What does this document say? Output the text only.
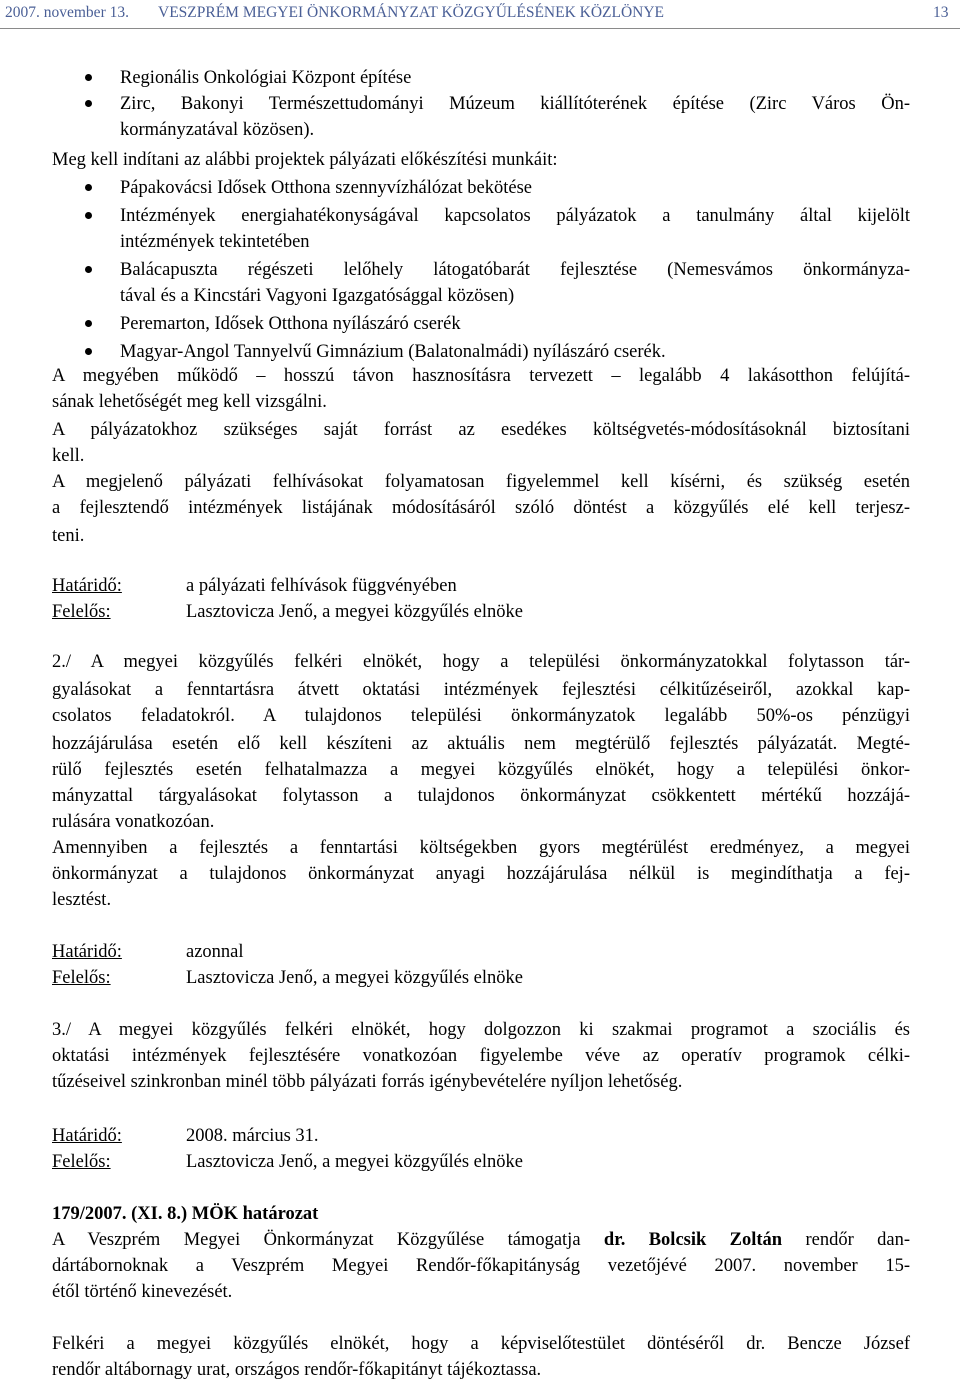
2007. november 13. VESZPRÉM MEGYEI ÖNKORMÁNYZAT KÖZGYŰLÉSÉNEK KÖZLÖNYE	13
Regionális Onkológiai Központ építése
Zirc, Bakonyi Természettudományi Múzeum kiállítóterének építése (Zirc Város Ön-
kormányzatával közösen).
Meg kell indítani az alábbi projektek pályázati előkészítési munkáit:
Pápakovácsi Idősek Otthona szennyvízhálózat bekötése
Intézmények energiahatékonyságával kapcsolatos pályázatok a tanulmány által kijelölt
intézmények tekintetében
Balácapuszta régészeti lelőhely látogatóbarát fejlesztése (Nemesvámos önkormányza-
tával és a Kincstári Vagyoni Igazgatósággal közösen)
Peremarton, Idősek Otthona nyílászáró cserék
Magyar-Angol Tannyelvű Gimnázium (Balatonalmádi) nyílászáró cserék.
A megyében működő – hosszú távon hasznosításra tervezett – legalább 4 lakásotthon felújítá-
sának lehetőségét meg kell vizsgálni.
A pályázatokhoz szükséges saját forrást az esedékes költségvetés-módosításoknál biztosítani
kell.
A megjelenő pályázati felhívásokat folyamatosan figyelemmel kell kísérni, és szükség esetén
a fejlesztendő intézmények listájának módosításáról szóló döntést a közgyűlés elé kell terjesz-
teni.
Határidő:	a pályázati felhívások függvényében
Felelős:	Lasztovicza Jenő, a megyei közgyűlés elnöke
2./ A megyei közgyűlés felkéri elnökét, hogy a települési önkormányzatokkal folytasson tár-
gyalásokat a fenntartásra átvett oktatási intézmények fejlesztési célkitűzéseiről, azokkal kap-
csolatos feladatokról. A tulajdonos települési önkormányzatok legalább 50%-os pénzügyi
hozzájárulása esetén elő kell készíteni az aktuális nem megtérülő fejlesztés pályázatát. Megté-
rülő fejlesztés esetén felhatalmazza a megyei közgyűlés elnökét, hogy a települési önkor-
mányzattal tárgyalásokat folytasson a tulajdonos önkormányzat csökkentett mértékű hozzájá-
rulására vonatkozóan.
Amennyiben a fejlesztés a fenntartási költségekben gyors megtérülést eredményez, a megyei
önkormányzat a tulajdonos önkormányzat anyagi hozzájárulása nélkül is megindíthatja a fej-
lesztést.
Határidő:	azonnal
Felelős:	Lasztovicza Jenő, a megyei közgyűlés elnöke
3./ A megyei közgyűlés felkéri elnökét, hogy dolgozzon ki szakmai programot a szociális és
oktatási intézmények fejlesztésére vonatkozóan figyelembe véve az operatív programok célki-
tűzéseivel szinkronban minél több pályázati forrás igénybevételére nyíljon lehetőség.
Határidő:	2008. március 31.
Felelős:	Lasztovicza Jenő, a megyei közgyűlés elnöke
179/2007. (XI. 8.) MÖK határozat
A Veszprém Megyei Önkormányzat Közgyűlése támogatja dr. Bolcsik Zoltán rendőr dan-
dártábornoknak a Veszprém Megyei Rendőr-főkapitányság vezetőjévé 2007. november 15-
étől történő kinevezését.
Felkéri a megyei közgyűlés elnökét, hogy a képviselőtestület döntéséről dr. Bencze József
rendőr altábornagy urat, országos rendőr-főkapitányt tájékoztassa.
